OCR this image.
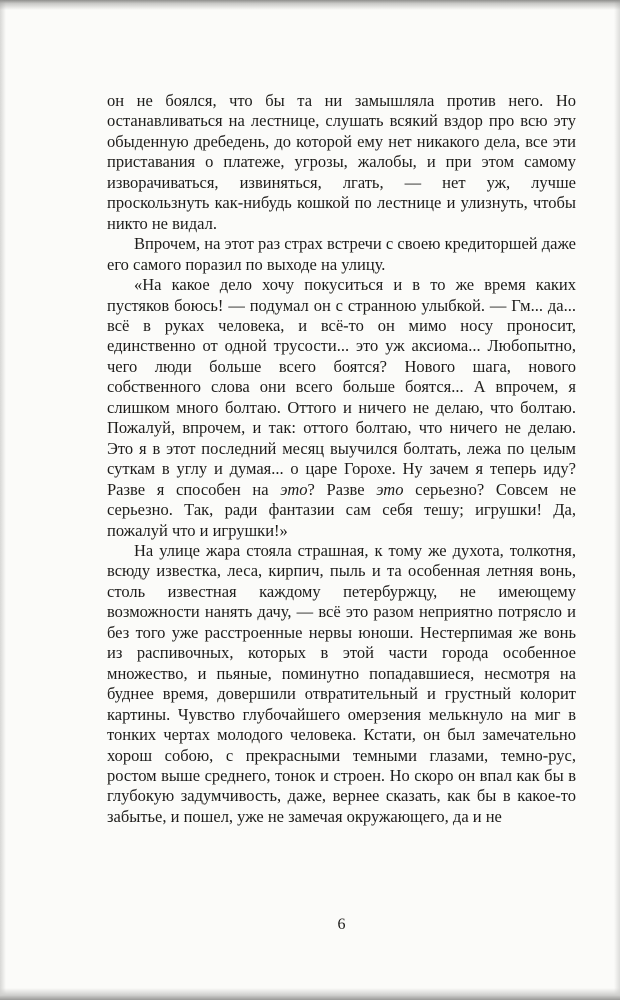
он не боялся, что бы та ни замышляла против него. Но останавливаться на лестнице, слушать всякий вздор про всю эту обыденную дребедень, до которой ему нет никакого дела, все эти приставания о платеже, угрозы, жалобы, и при этом самому изворачиваться, извиняться, лгать, — нет уж, лучше проскользнуть как-нибудь кошкой по лестнице и улизнуть, чтобы никто не видал.

Впрочем, на этот раз страх встречи с своею кредиторшей даже его самого поразил по выходе на улицу.

«На какое дело хочу покуситься и в то же время каких пустяков боюсь! — подумал он с странною улыбкой. — Гм... да... всё в руках человека, и всё-то он мимо носу проносит, единственно от одной трусости... это уж аксиома... Любопытно, чего люди больше всего боятся? Нового шага, нового собственного слова они всего больше боятся... А впрочем, я слишком много болтаю. Оттого и ничего не делаю, что болтаю. Пожалуй, впрочем, и так: оттого болтаю, что ничего не делаю. Это я в этот последний месяц выучился болтать, лежа по целым суткам в углу и думая... о царе Горохе. Ну зачем я теперь иду? Разве я способен на это? Разве это серьезно? Совсем не серьезно. Так, ради фантазии сам себя тешу; игрушки! Да, пожалуй что и игрушки!»

На улице жара стояла страшная, к тому же духота, толкотня, всюду известка, леса, кирпич, пыль и та особенная летняя вонь, столь известная каждому петербуржцу, не имеющему возможности нанять дачу, — всё это разом неприятно потрясло и без того уже расстроенные нервы юноши. Нестерпимая же вонь из распивочных, которых в этой части города особенное множество, и пьяные, поминутно попадавшиеся, несмотря на буднее время, довершили отвратительный и грустный колорит картины. Чувство глубочайшего омерзения мелькнуло на миг в тонких чертах молодого человека. Кстати, он был замечательно хорош собою, с прекрасными темными глазами, темно-рус, ростом выше среднего, тонок и строен. Но скоро он впал как бы в глубокую задумчивость, даже, вернее сказать, как бы в какое-то забытье, и пошел, уже не замечая окружающего, да и не

6
